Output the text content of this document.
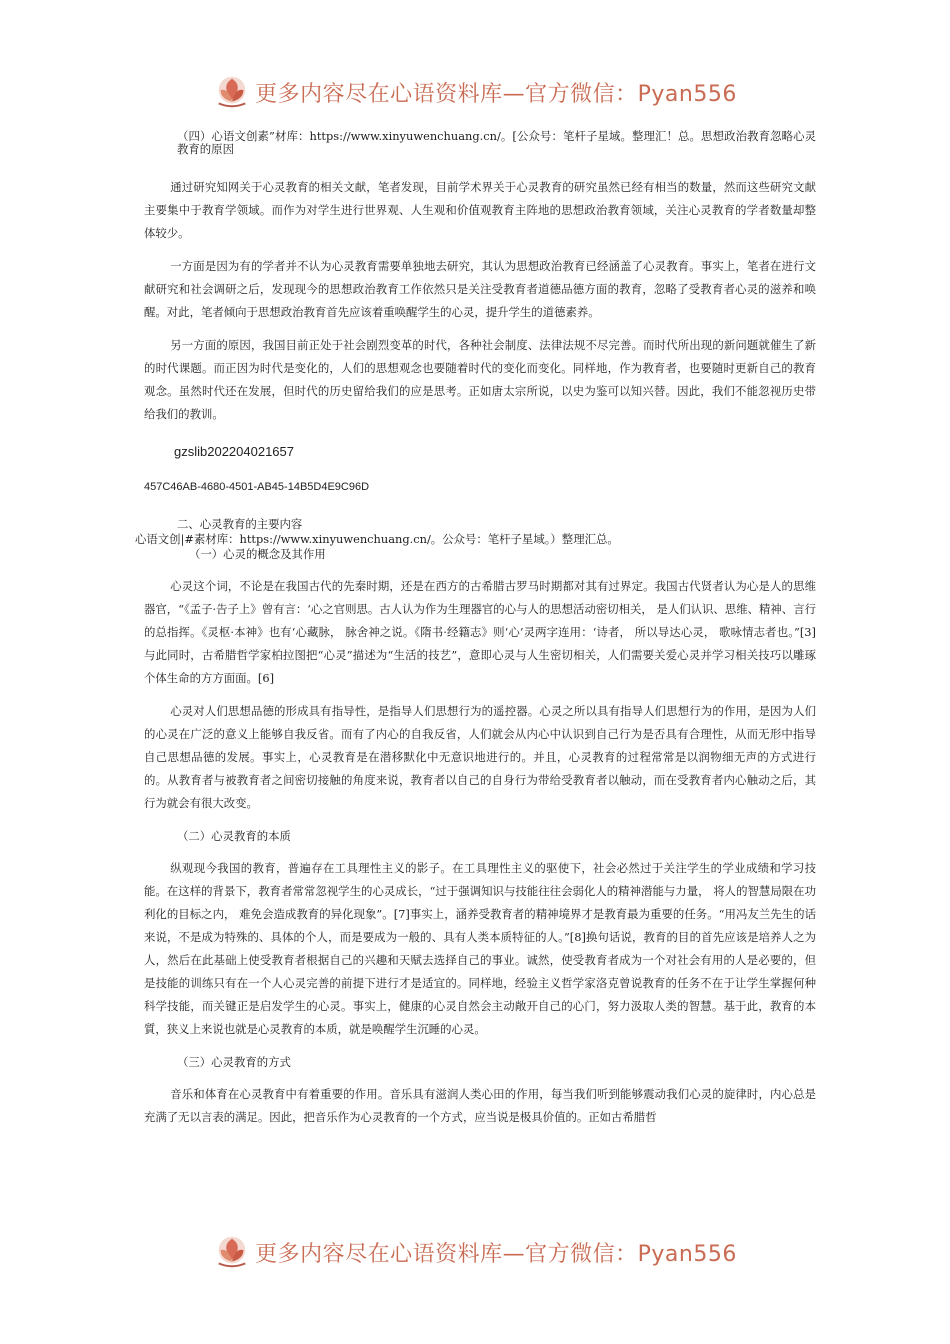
更多内容尽在心语资料库—官方微信：Pyan556

（四）心语文创素”材库：https://www.xinyuwenchuang.cn/。[公众号：笔杆子星域。整理汇！总。思想政治教育忽略心灵教育的原因

通过研究知网关于心灵教育的相关文献，笔者发现，目前学术界关于心灵教育的研究虽然已经有相当的数量，然而这些研究文献主要集中于教育学领域。而作为对学生进行世界观、人生观和价值观教育主阵地的思想政治教育领域，关注心灵教育的学者数量却整体较少。

一方面是因为有的学者并不认为心灵教育需要单独地去研究，其认为思想政治教育已经涵盖了心灵教育。事实上，笔者在进行文献研究和社会调研之后，发现现今的思想政治教育工作依然只是关注受教育者道德品德方面的教育，忽略了受教育者心灵的滋养和唤醒。对此，笔者倾向于思想政治教育首先应该着重唤醒学生的心灵，提升学生的道德素养。

另一方面的原因，我国目前正处于社会剧烈变革的时代，各种社会制度、法律法规不尽完善。而时代所出现的新问题就催生了新的时代课题。而正因为时代是变化的，人们的思想观念也要随着时代的变化而变化。同样地，作为教育者，也要随时更新自己的教育观念。虽然时代还在发展，但时代的历史留给我们的应是思考。正如唐太宗所说，以史为鉴可以知兴替。因此，我们不能忽视历史带给我们的教训。

gzslib202204021657

457C46AB-4680-4501-AB45-14B5D4E9C96D

二、心灵教育的主要内容

心语文创|#素材库：https://www.xinyuwenchuang.cn/。公众号：笔杆子星域。）整理汇总。

（一）心灵的概念及其作用

心灵这个词，不论是在我国古代的先秦时期，还是在西方的古希腊古罗马时期都对其有过界定。我国古代贤者认为心是人的思维器官，“《孟子·告子上》曾有言：‘心之官则思。古人认为作为生理器官的心与人的思想活动密切相关， 是人们认识、思维、精神、言行的总指挥。《灵枢·本神》也有‘心藏脉， 脉舍神之说。《隋书·经籍志》则‘心’灵两字连用：‘诗者， 所以导达心灵， 歌咏情志者也。”[3]与此同时，古希腊哲学家柏拉图把“心灵”描述为“生活的技艺”，意即心灵与人生密切相关，人们需要关爱心灵并学习相关技巧以雕琢个体生命的方方面面。[6]

心灵对人们思想品德的形成具有指导性，是指导人们思想行为的遥控器。心灵之所以具有指导人们思想行为的作用，是因为人们的心灵在广泛的意义上能够自我反省。而有了内心的自我反省，人们就会从内心中认识到自己行为是否具有合理性，从而无形中指导自己思想品德的发展。事实上，心灵教育是在潜移默化中无意识地进行的。并且，心灵教育的过程常常是以润物细无声的方式进行的。从教育者与被教育者之间密切接触的角度来说，教育者以自己的自身行为带给受教育者以触动，而在受教育者内心触动之后，其行为就会有很大改变。

（二）心灵教育的本质

纵观现今我国的教育，普遍存在工具理性主义的影子。在工具理性主义的驱使下，社会必然过于关注学生的学业成绩和学习技能。在这样的背景下，教育者常常忽视学生的心灵成长，“过于强调知识与技能往往会弱化人的精神潜能与力量， 将人的智慧局限在功利化的目标之内， 难免会造成教育的异化现象”。[7]事实上，涵养受教育者的精神境界才是教育最为重要的任务。“用冯友兰先生的话来说，不是成为特殊的、具体的个人，而是要成为一般的、具有人类本质特征的人。”[8]换句话说，教育的目的首先应该是培养人之为人，然后在此基础上使受教育者根据自己的兴趣和天赋去选择自己的事业。诚然，使受教育者成为一个对社会有用的人是必要的，但是技能的训练只有在一个人心灵完善的前提下进行才是适宜的。同样地，经验主义哲学家洛克曾说教育的任务不在于让学生掌握何种科学技能，而关键正是启发学生的心灵。事实上，健康的心灵自然会主动敞开自己的心门，努力汲取人类的智慧。基于此，教育的本質，狭义上来说也就是心灵教育的本质，就是唤醒学生沉睡的心灵。

（三）心灵教育的方式

音乐和体育在心灵教育中有着重要的作用。音乐具有滋润人类心田的作用，每当我们听到能够震动我们心灵的旋律时，内心总是充满了无以言表的满足。因此，把音乐作为心灵教育的一个方式，应当说是极具价值的。正如古希腊哲

更多内容尽在心语资料库—官方微信：Pyan556
